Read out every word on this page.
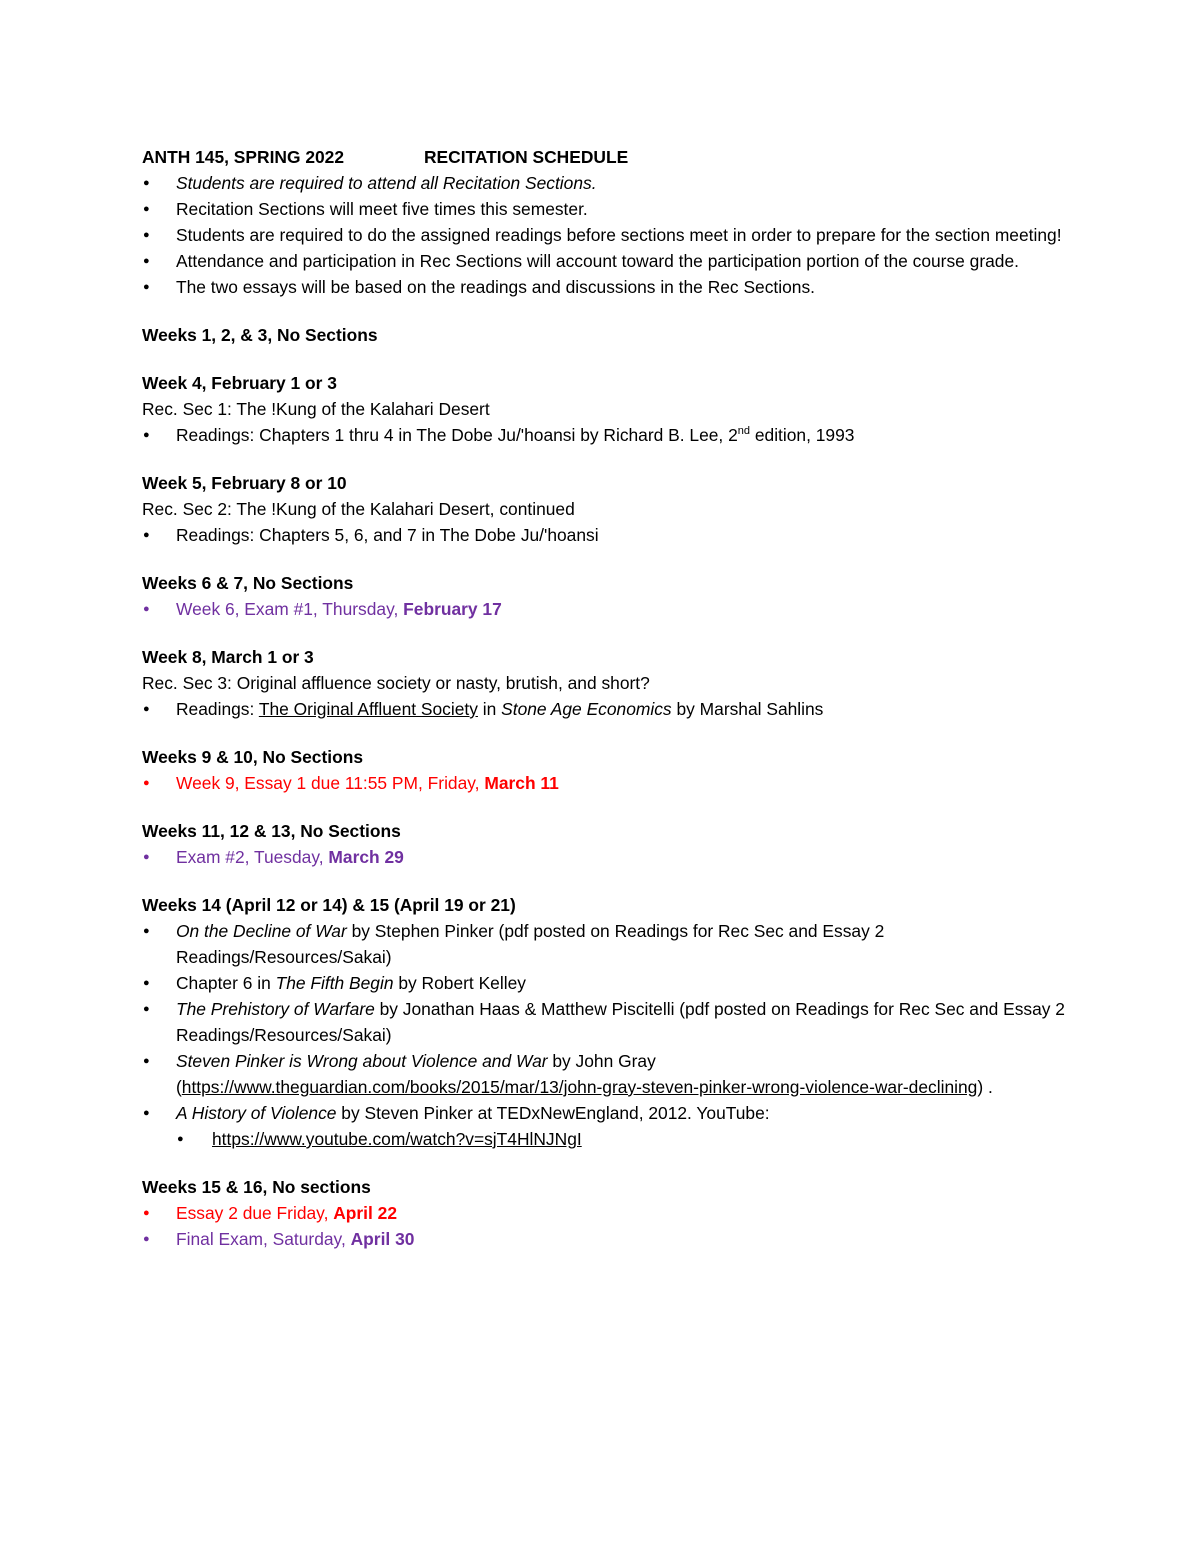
ANTH 145, SPRING 2022	RECITATION SCHEDULE
● Students are required to attend all Recitation Sections.
● Recitation Sections will meet five times this semester.
● Students are required to do the assigned readings before sections meet in order to prepare for the section meeting!
● Attendance and participation in Rec Sections will account toward the participation portion of the course grade.
● The two essays will be based on the readings and discussions in the Rec Sections.
Weeks 1, 2, & 3, No Sections
Week 4, February 1 or 3
Rec. Sec 1: The !Kung of the Kalahari Desert
● Readings: Chapters 1 thru 4 in The Dobe Ju/'hoansi by Richard B. Lee, 2nd edition, 1993
Week 5, February 8 or 10
Rec. Sec 2: The !Kung of the Kalahari Desert, continued
● Readings: Chapters 5, 6, and 7 in The Dobe Ju/'hoansi
Weeks 6 & 7, No Sections
● Week 6, Exam #1, Thursday, February 17
Week 8, March 1 or 3
Rec. Sec 3: Original affluence society or nasty, brutish, and short?
● Readings: The Original Affluent Society in Stone Age Economics by Marshal Sahlins
Weeks 9 & 10, No Sections
● Week 9, Essay 1 due 11:55 PM, Friday, March 11
Weeks 11, 12 & 13, No Sections
● Exam #2, Tuesday, March 29
Weeks 14 (April 12 or 14) & 15 (April 19 or 21)
● On the Decline of War by Stephen Pinker (pdf posted on Readings for Rec Sec and Essay 2 Readings/Resources/Sakai)
● Chapter 6 in The Fifth Begin by Robert Kelley
● The Prehistory of Warfare by Jonathan Haas & Matthew Piscitelli (pdf posted on Readings for Rec Sec and Essay 2 Readings/Resources/Sakai)
● Steven Pinker is Wrong about Violence and War by John Gray (https://www.theguardian.com/books/2015/mar/13/john-gray-steven-pinker-wrong-violence-war-declining) .
● A History of Violence by Steven Pinker at TEDxNewEngland, 2012. YouTube:
● https://www.youtube.com/watch?v=sjT4HlNJNgI
Weeks 15 & 16, No sections
● Essay 2 due Friday, April 22
● Final Exam, Saturday, April 30
